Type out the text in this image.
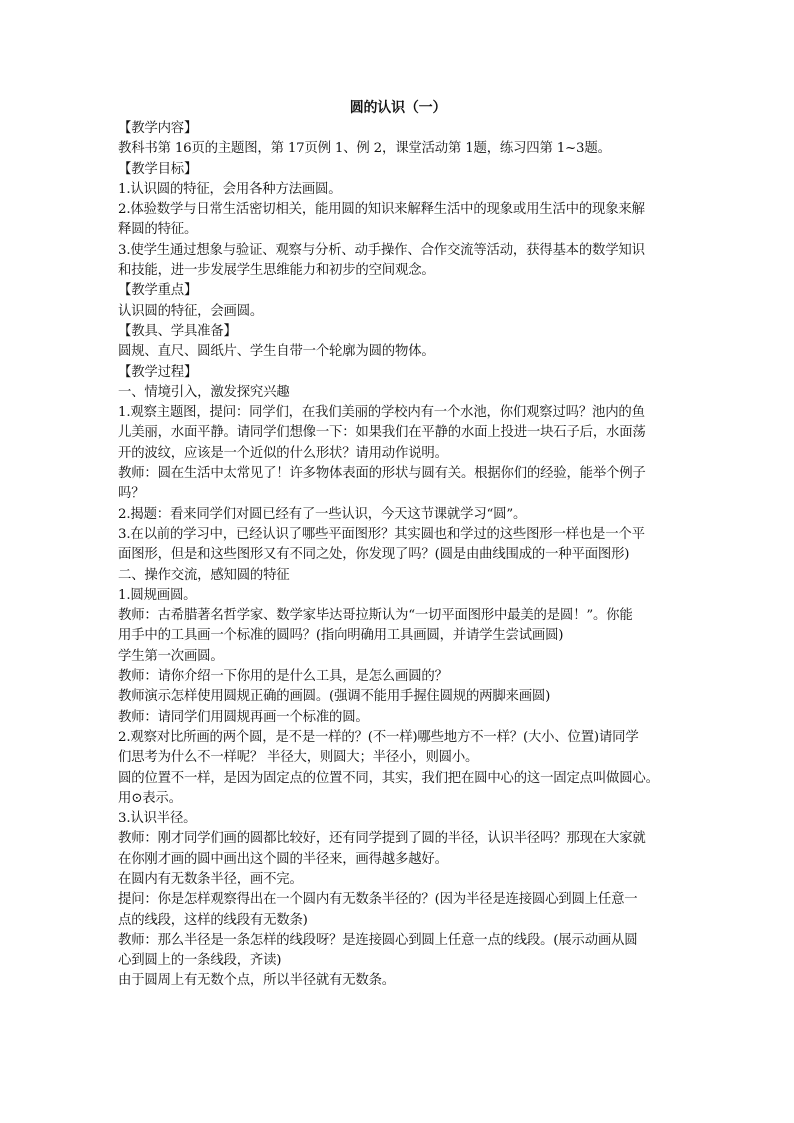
圆的认识（一）

【教学内容】

教科书第 16页的主题图，第 17页例 1、例 2，课堂活动第 1题，练习四第 1~3题。

【教学目标】

1.认识圆的特征，会用各种方法画圆。

2.体验数学与日常生活密切相关，能用圆的知识来解释生活中的现象或用生活中的现象来解

释圆的特征。

3.使学生通过想象与验证、观察与分析、动手操作、合作交流等活动，获得基本的数学知识

和技能，进一步发展学生思维能力和初步的空间观念。

【教学重点】

认识圆的特征，会画圆。

【教具、学具准备】

圆规、直尺、圆纸片、学生自带一个轮廓为圆的物体。

【教学过程】

一、情境引入，激发探究兴趣

1.观察主题图，提问：同学们，在我们美丽的学校内有一个水池，你们观察过吗？池内的鱼

儿美丽，水面平静。请同学们想像一下：如果我们在平静的水面上投进一块石子后，水面荡

开的波纹，应该是一个近似的什么形状？请用动作说明。

教师：圆在生活中太常见了！许多物体表面的形状与圆有关。根据你们的经验，能举个例子

吗？

2.揭题：看来同学们对圆已经有了一些认识，今天这节课就学习“圆”。

3.在以前的学习中，已经认识了哪些平面图形？其实圆也和学过的这些图形一样也是一个平

面图形，但是和这些图形又有不同之处，你发现了吗？(圆是由曲线围成的一种平面图形)

二、操作交流，感知圆的特征

1.圆规画圆。

教师：古希腊著名哲学家、数学家毕达哥拉斯认为“一切平面图形中最美的是圆！”。你能

用手中的工具画一个标准的圆吗？(指向明确用工具画圆，并请学生尝试画圆)

学生第一次画圆。

教师：请你介绍一下你用的是什么工具，是怎么画圆的？

教师演示怎样使用圆规正确的画圆。(强调不能用手握住圆规的两脚来画圆)

教师：请同学们用圆规再画一个标准的圆。

2.观察对比所画的两个圆，是不是一样的？(不一样)哪些地方不一样？(大小、位置)请同学

们思考为什么不一样呢？ 半径大，则圆大；半径小，则圆小。

圆的位置不一样，是因为固定点的位置不同，其实，我们把在圆中心的这一固定点叫做圆心。

用⊙表示。

3.认识半径。

教师：刚才同学们画的圆都比较好，还有同学提到了圆的半径，认识半径吗？那现在大家就

在你刚才画的圆中画出这个圆的半径来，画得越多越好。

在圆内有无数条半径，画不完。

提问：你是怎样观察得出在一个圆内有无数条半径的？(因为半径是连接圆心到圆上任意一

点的线段，这样的线段有无数条)

教师：那么半径是一条怎样的线段呀？是连接圆心到圆上任意一点的线段。(展示动画从圆

心到圆上的一条线段，齐读)

由于圆周上有无数个点，所以半径就有无数条。
